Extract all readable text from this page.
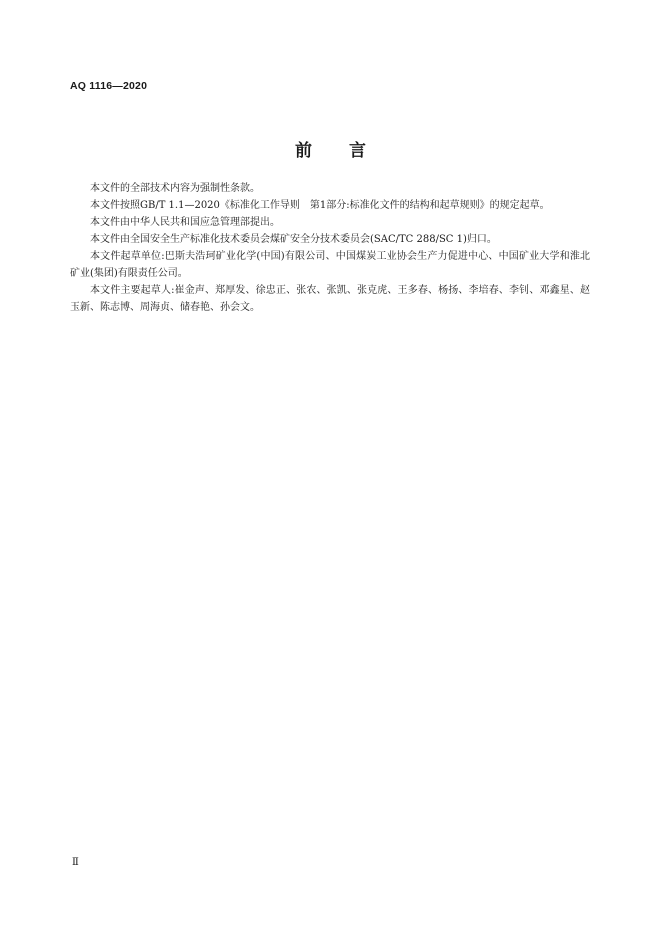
AQ 1116—2020
前 言

本文件的全部技术内容为强制性条款。

本文件按照GB/T 1.1—2020《标准化工作导则　第1部分:标准化文件的结构和起草规则》的规定起草。

本文件由中华人民共和国应急管理部提出。

本文件由全国安全生产标准化技术委员会煤矿安全分技术委员会(SAC/TC 288/SC 1)归口。

本文件起草单位:巴斯夫浩珂矿业化学(中国)有限公司、中国煤炭工业协会生产力促进中心、中国矿业大学和淮北矿业(集团)有限责任公司。

本文件主要起草人:崔金声、郑厚发、徐忠正、张农、张凯、张克虎、王多春、杨扬、李培春、李钊、邓鑫星、赵玉新、陈志博、周海贞、储春艳、孙会文。

Ⅱ
